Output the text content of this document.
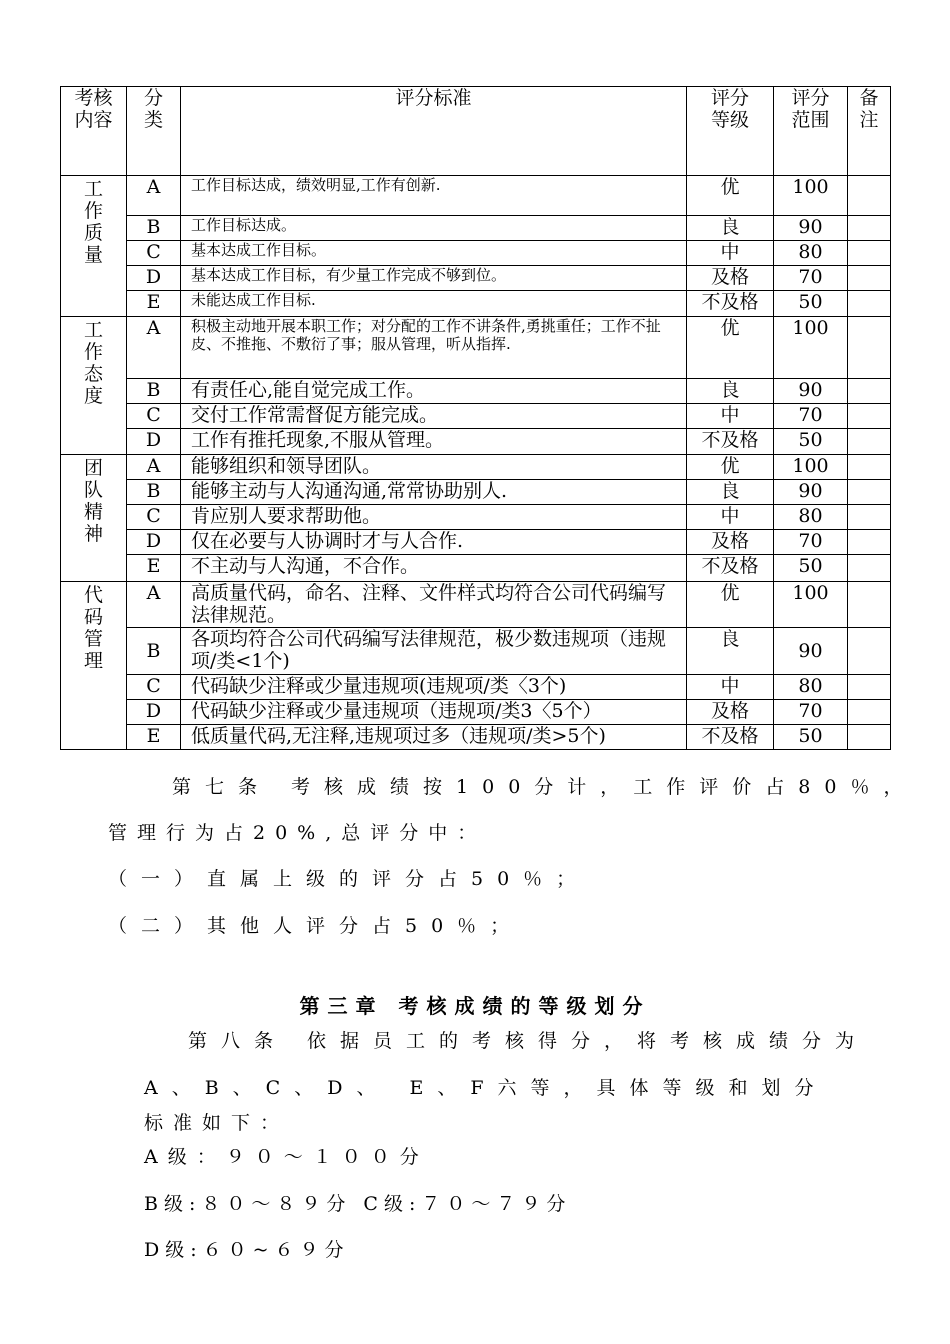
考核内容	分类	评分标准	评分等级	评分范围	备注
工作质量	A	工作目标达成，绩效明显,工作有创新.	优	100	
	B	工作目标达成。	良	90	
	C	基本达成工作目标。	中	80	
	D	基本达成工作目标，有少量工作完成不够到位。	及格	70	
	E	未能达成工作目标.	不及格	50	
工作态度	A	积极主动地开展本职工作；对分配的工作不讲条件,勇挑重任；工作不扯皮、不推拖、不敷衍了事；服从管理，听从指挥.	优	100	
	B	有责任心,能自觉完成工作。	良	90	
	C	交付工作常需督促方能完成。	中	70	
	D	工作有推托现象,不服从管理。	不及格	50	
团队精神	A	能够组织和领导团队。	优	100	
	B	能够主动与人沟通沟通,常常协助别人.	良	90	
	C	肯应别人要求帮助他。	中	80	
	D	仅在必要与人协调时才与人合作.	及格	70	
	E	不主动与人沟通，不合作。	不及格	50	
代码管理	A	高质量代码，命名、注释、文件样式均符合公司代码编写法律规范。	优	100	
	B	各项均符合公司代码编写法律规范，极少数违规项（违规项/类<1个)	良	90	
	C	代码缺少注释或少量违规项(违规项/类〈3个)	中	80	
	D	代码缺少注释或少量违规项（违规项/类3〈5个）	及格	70	
	E	低质量代码,无注释,违规项过多（违规项/类>5个)	不及格	50	
第七条 考核成绩按100分计，工作评价占80％，
管理行为占20%,总评分中：
（一）直属上级的评分占50％；
（二）其他人评分占50％；
第三章 考核成绩的等级划分
第八条 依据员工的考核得分，将考核成绩分为
A、B、C、D、 E、F六等，具体等级和划分
标准如下：
A级：９０～１００分
B级:８０～８９分 C级:７０～７９分
D级:６０~６９分
